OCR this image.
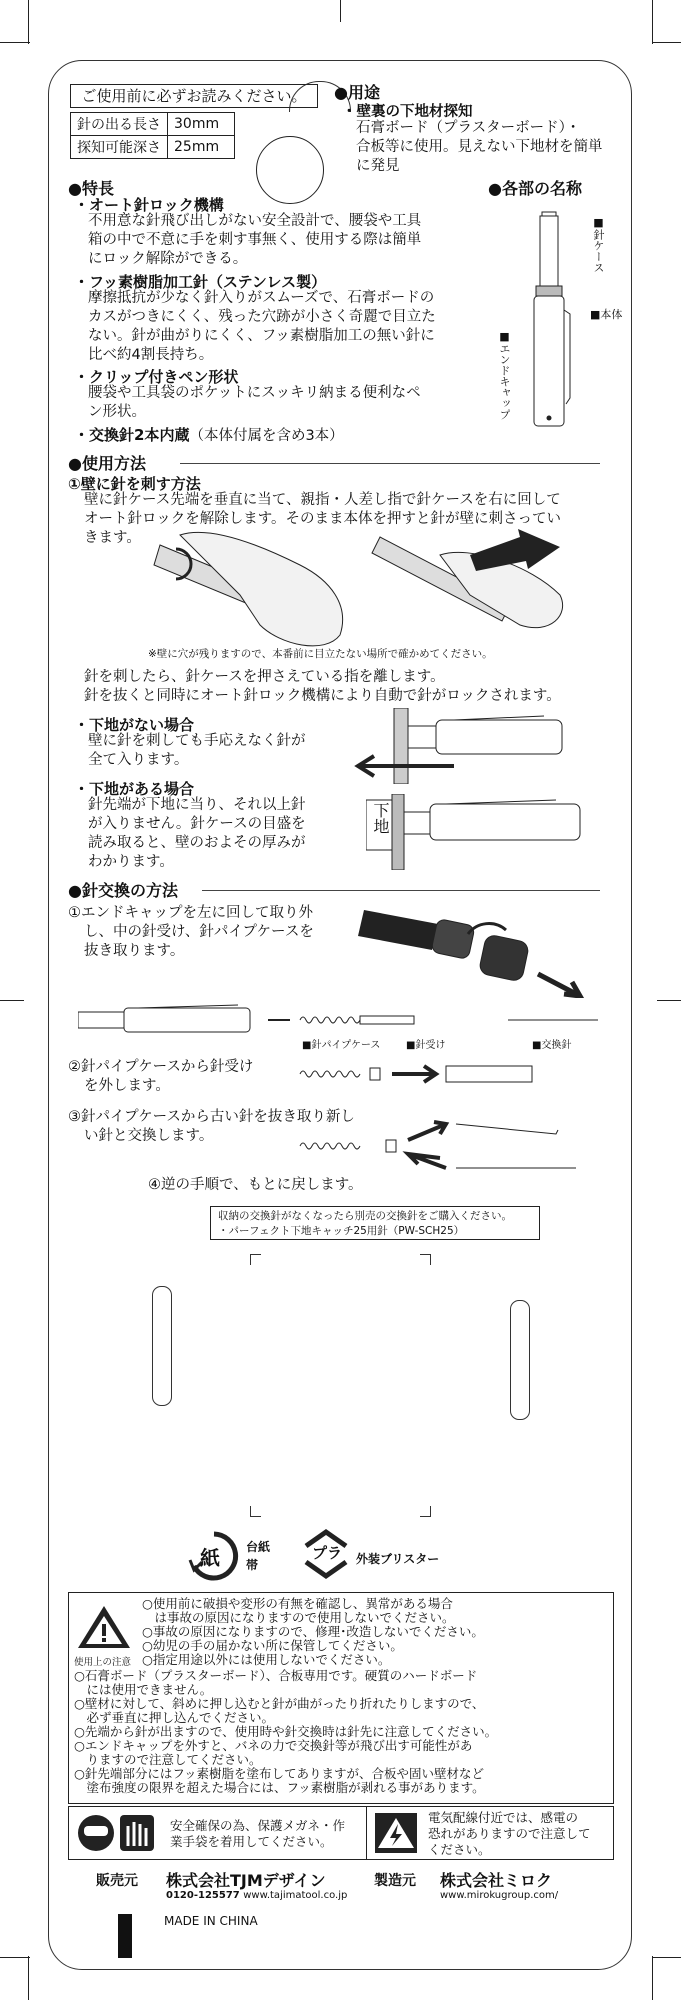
ご使用前に必ずお読みください。
針の出る長さ	30mm
探知可能深さ	25mm
●用途
・壁裏の下地材探知
石膏ボード（プラスターボード）・
合板等に使用。見えない下地材を簡単
に発見
●特長
・オート針ロック機構
不用意な針飛び出しがない安全設計で、腰袋や工具
箱の中で不意に手を刺す事無く、使用する際は簡単
にロック解除ができる。
・フッ素樹脂加工針（ステンレス製）
摩擦抵抗が少なく針入りがスムーズで、石膏ボードの
カスがつきにくく、残った穴跡が小さく奇麗で目立た
ない。針が曲がりにくく、フッ素樹脂加工の無い針に
比べ約4割長持ち。
・クリップ付きペン形状
腰袋や工具袋のポケットにスッキリ納まる便利なペ
ン形状。
・交換針2本内蔵（本体付属を含め3本）
●各部の名称
■針ケース
■本体
■エンドキャップ
●使用方法
①壁に針を刺す方法
壁に針ケース先端を垂直に当て、親指・人差し指で針ケースを右に回して
オート針ロックを解除します。そのまま本体を押すと針が壁に刺さってい
きます。
※壁に穴が残りますので、本番前に目立たない場所で確かめてください。
針を刺したら、針ケースを押さえている指を離します。
針を抜くと同時にオート針ロック機構により自動で針がロックされます。
・下地がない場合
壁に針を刺しても手応えなく針が
全て入ります。
・下地がある場合
針先端が下地に当り、それ以上針
が入りません。針ケースの目盛を
読み取ると、壁のおよその厚みが
わかります。
下地
●針交換の方法
①エンドキャップを左に回して取り外
し、中の針受け、針パイプケースを
抜き取ります。
■針パイプケース	■針受け	■交換針
②針パイプケースから針受け
を外します。
③針パイプケースから古い針を抜き取り新し
い針と交換します。
④逆の手順で、もとに戻します。
収納の交換針がなくなったら別売の交換針をご購入ください。
・パーフェクト下地キャッチ25用針（PW-SCH25）
紙 台紙
帯
プラ 外装ブリスター
使用上の注意
○使用前に破損や変形の有無を確認し、異常がある場合
　は事故の原因になりますので使用しないでください。
○事故の原因になりますので、修理･改造しないでください。
○幼児の手の届かない所に保管してください。
○指定用途以外には使用しないでください。
○石膏ボード（プラスターボード）、合板専用です。硬質のハードボード
　には使用できません。
○壁材に対して、斜めに押し込むと針が曲がったり折れたりしますので、
　必ず垂直に押し込んでください。
○先端から針が出ますので、使用時や針交換時は針先に注意してください。
○エンドキャップを外すと、バネの力で交換針等が飛び出す可能性があ
　りますので注意してください。
○針先端部分にはフッ素樹脂を塗布してありますが、合板や固い壁材など
　塗布強度の限界を超えた場合には、フッ素樹脂が剥れる事があります。
安全確保の為、保護メガネ・作
業手袋を着用してください。
電気配線付近では、感電の
恐れがありますので注意して
ください。
販売元 株式会社TJMデザイン
0120-125577 www.tajimatool.co.jp
製造元 株式会社ミロク
www.mirokugroup.com/
MADE IN CHINA
